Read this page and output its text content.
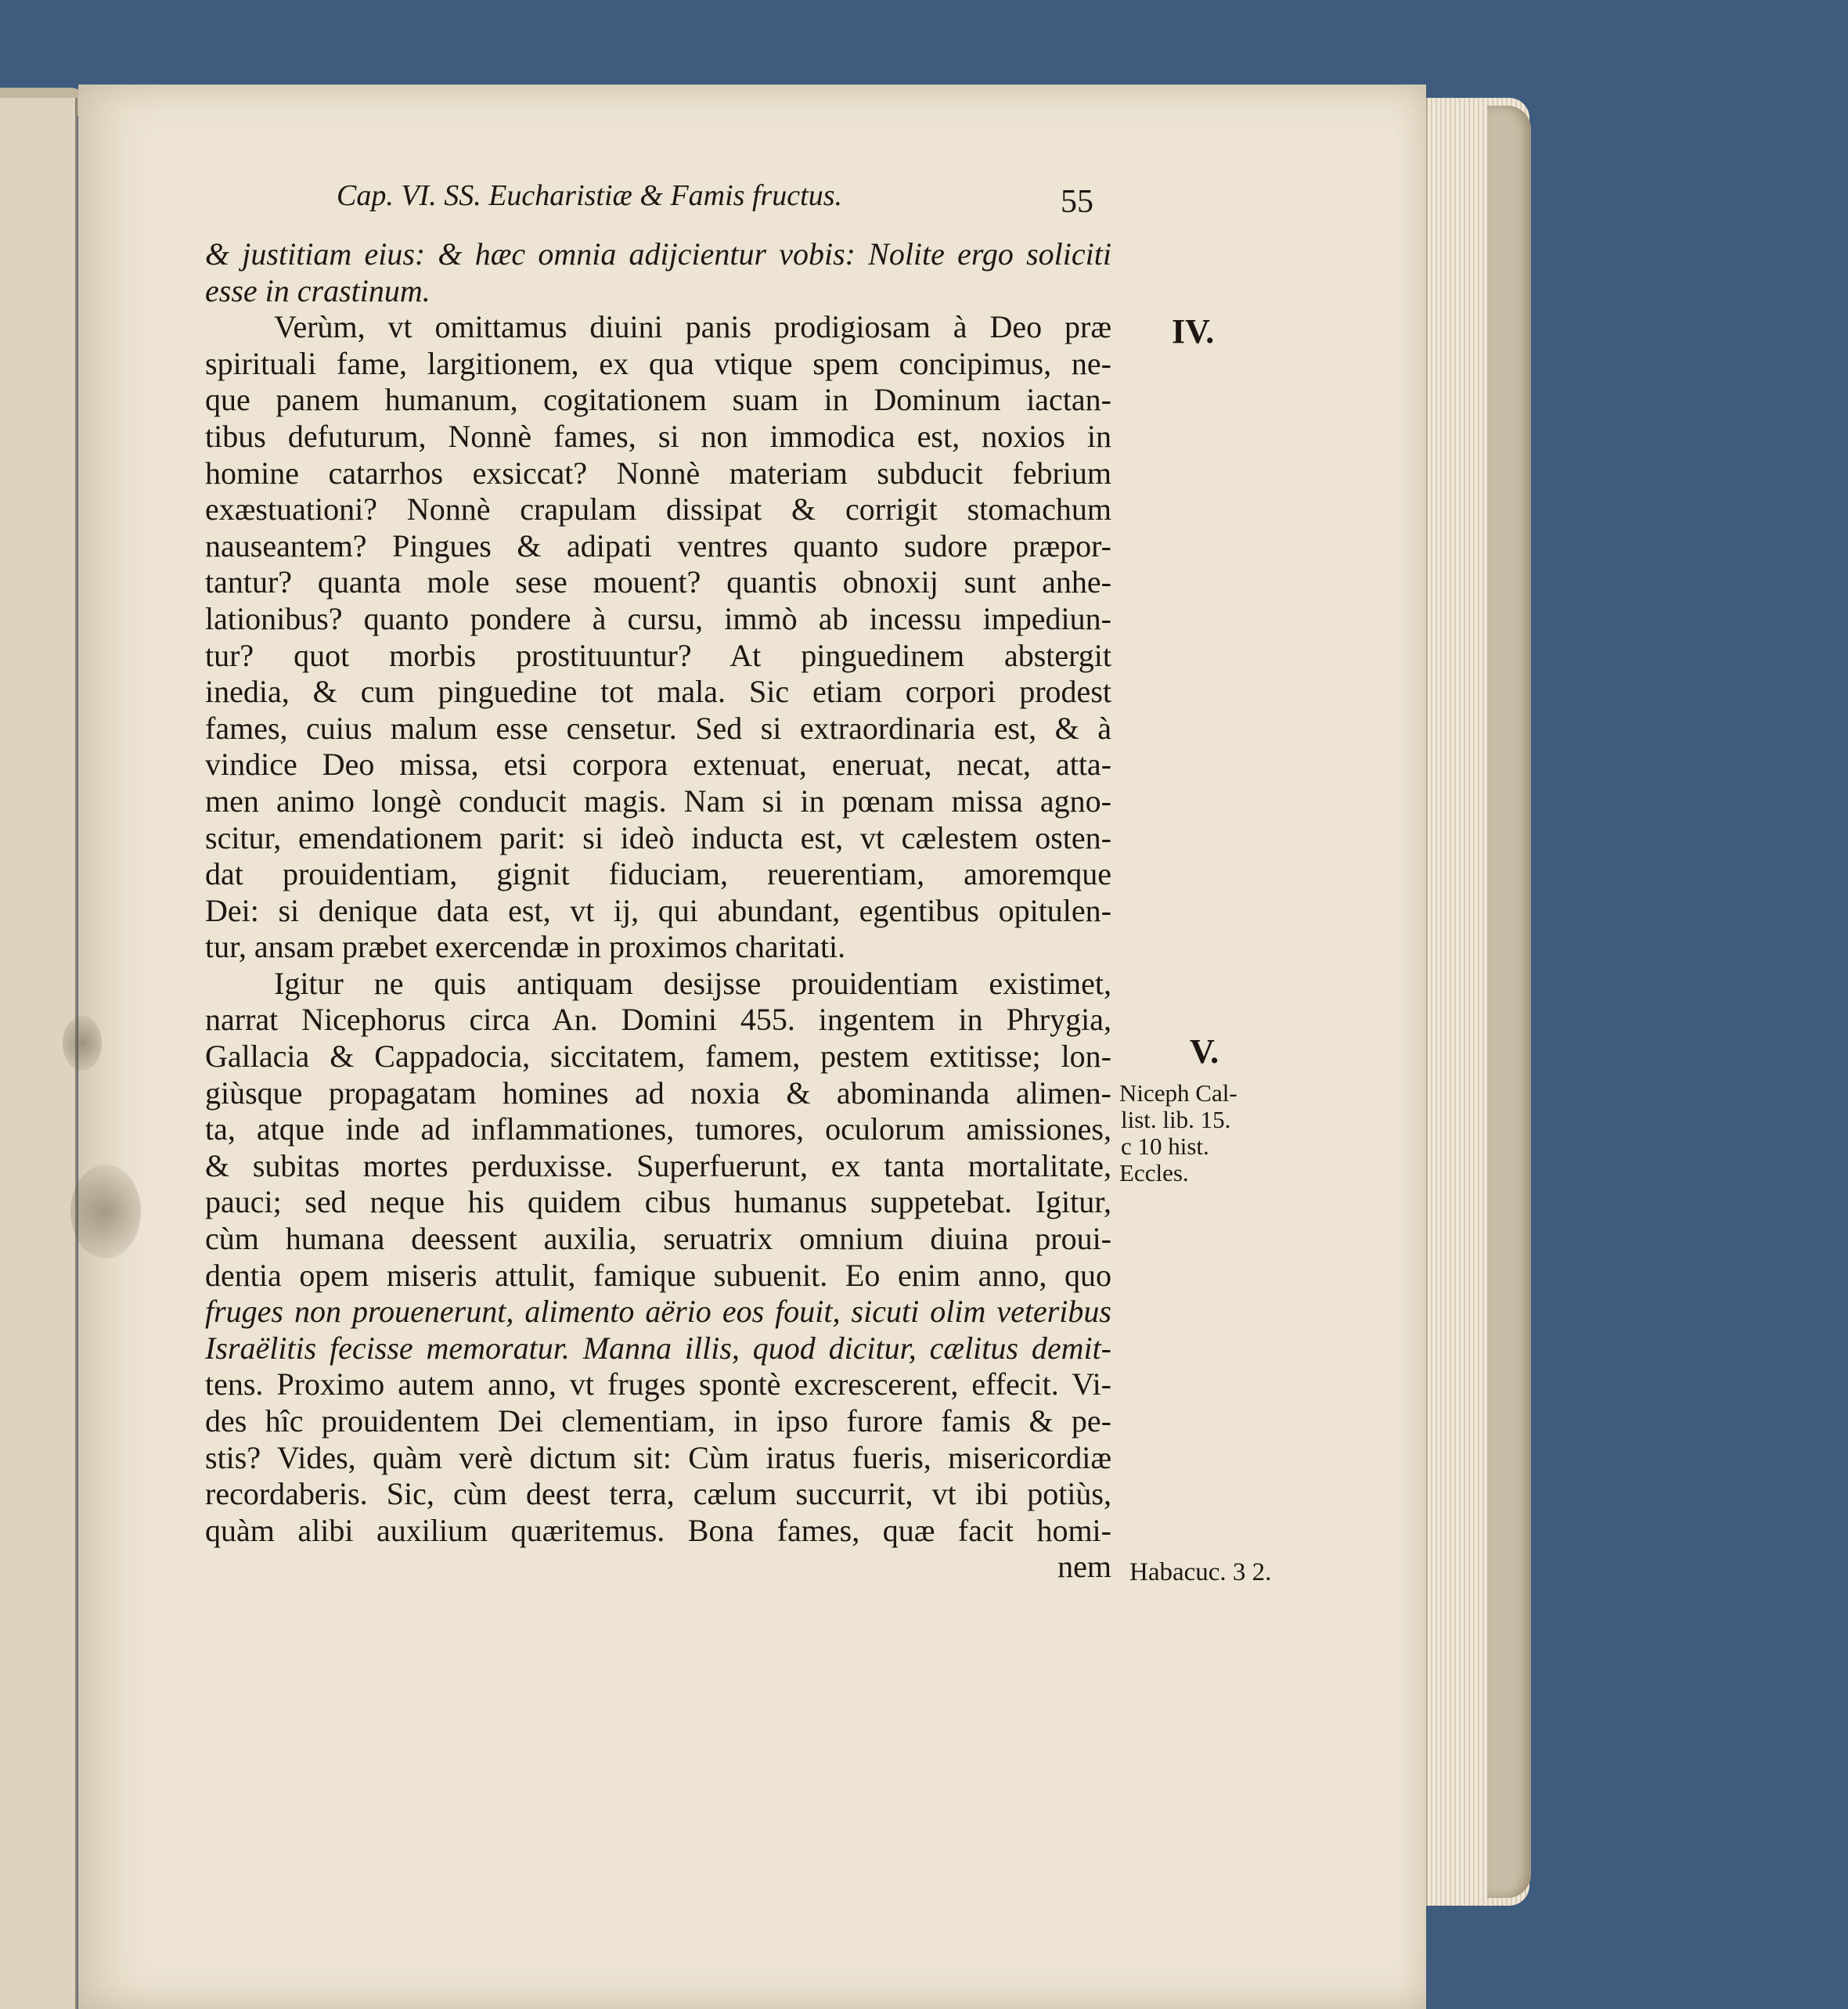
Cap. VI. SS. Eucharistiæ & Famis fructus.	55
& justitiam eius: & hæc omnia adijcientur vobis: Nolite ergo soliciti
esse in crastinum.
Verùm, vt omittamus diuini panis prodigiosam à Deo præ
spirituali fame, largitionem, ex qua vtique spem concipimus, ne-
que panem humanum, cogitationem suam in Dominum iactan-
tibus defuturum, Nonnè fames, si non immodica est, noxios in
homine catarrhos exsiccat? Nonnè materiam subducit febrium
exæstuationi? Nonnè crapulam dissipat & corrigit stomachum
nauseantem? Pingues & adipati ventres quanto sudore præpor-
tantur? quanta mole sese mouent? quantis obnoxij sunt anhe-
lationibus? quanto pondere à cursu, immò ab incessu impediun-
tur? quot morbis prostituuntur? At pinguedinem abstergit
inedia, & cum pinguedine tot mala. Sic etiam corpori prodest
fames, cuius malum esse censetur. Sed si extraordinaria est, & à
vindice Deo missa, etsi corpora extenuat, eneruat, necat, atta-
men animo longè conducit magis. Nam si in pœnam missa agno-
scitur, emendationem parit: si ideò inducta est, vt cælestem osten-
dat prouidentiam, gignit fiduciam, reuerentiam, amoremque
Dei: si denique data est, vt ij, qui abundant, egentibus opitulen-
tur, ansam præbet exercendæ in proximos charitati.
Igitur ne quis antiquam desijsse prouidentiam existimet,
narrat Nicephorus circa An. Domini 455. ingentem in Phrygia,
Gallacia & Cappadocia, siccitatem, famem, pestem extitisse; lon-
giùsque propagatam homines ad noxia & abominanda alimen-
ta, atque inde ad inflammationes, tumores, oculorum amissiones,
& subitas mortes perduxisse. Superfuerunt, ex tanta mortalitate,
pauci; sed neque his quidem cibus humanus suppetebat. Igitur,
cùm humana deessent auxilia, seruatrix omnium diuina proui-
dentia opem miseris attulit, famique subuenit. Eo enim anno, quo
fruges non prouenerunt, alimento aërio eos fouit, sicuti olim veteribus
Israëlitis fecisse memoratur. Manna illis, quod dicitur, cælitus demit-
tens. Proximo autem anno, vt fruges spontè excrescerent, effecit. Vi-
des hîc prouidentem Dei clementiam, in ipso furore famis & pe-
stis? Vides, quàm verè dictum sit: Cùm iratus fueris, misericordiæ
recordaberis. Sic, cùm deest terra, cælum succurrit, vt ibi potiùs,
quàm alibi auxilium quæritemus. Bona fames, quæ facit homi-
nem
IV.
V.
Niceph Cal-
list. lib. 15.
c 10 hist.
Eccles.
Habacuc. 3 2.
